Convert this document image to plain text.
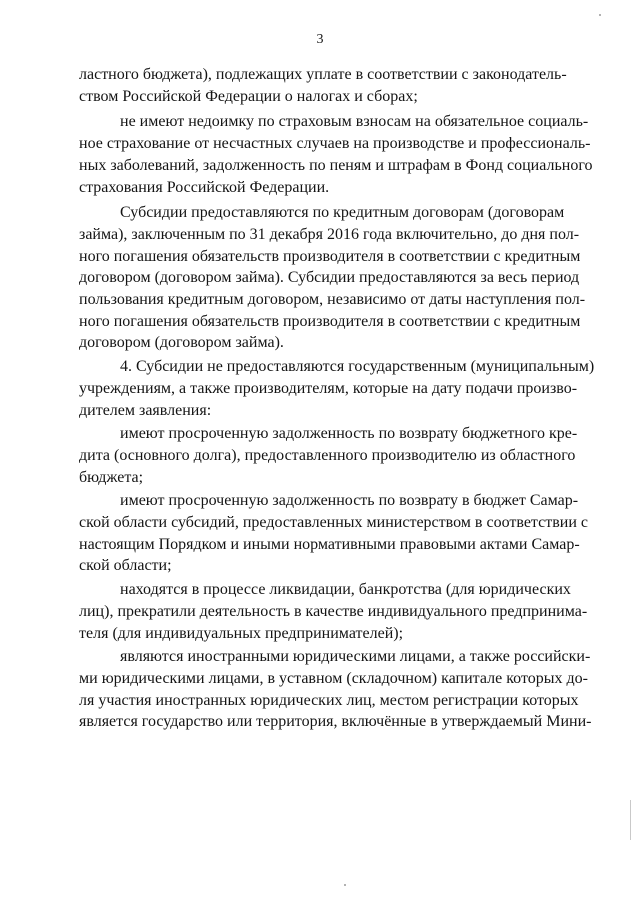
3

ластного бюджета), подлежащих уплате в соответствии с законодатель-
ством Российской Федерации о налогах и сборах;

не имеют недоимку по страховым взносам на обязательное социаль-
ное страхование от несчастных случаев на производстве и профессиональ-
ных заболеваний, задолженность по пеням и штрафам в Фонд социального
страхования Российской Федерации.

Субсидии предоставляются по кредитным договорам (договорам
займа), заключенным по 31 декабря 2016 года включительно, до дня пол-
ного погашения обязательств производителя в соответствии с кредитным
договором (договором займа). Субсидии предоставляются за весь период
пользования кредитным договором, независимо от даты наступления пол-
ного погашения обязательств производителя в соответствии с кредитным
договором (договором займа).

4. Субсидии не предоставляются государственным (муниципальным)
учреждениям, а также производителям, которые на дату подачи произво-
дителем заявления:

имеют просроченную задолженность по возврату бюджетного кре-
дита (основного долга), предоставленного производителю из областного
бюджета;

имеют просроченную задолженность по возврату в бюджет Самар-
ской области субсидий, предоставленных министерством в соответствии с
настоящим Порядком и иными нормативными правовыми актами Самар-
ской области;

находятся в процессе ликвидации, банкротства (для юридических
лиц), прекратили деятельность в качестве индивидуального предпринима-
теля (для индивидуальных предпринимателей);

являются иностранными юридическими лицами, а также российски-
ми юридическими лицами, в уставном (складочном) капитале которых до-
ля участия иностранных юридических лиц, местом регистрации которых
является государство или территория, включённые в утверждаемый Мини-
